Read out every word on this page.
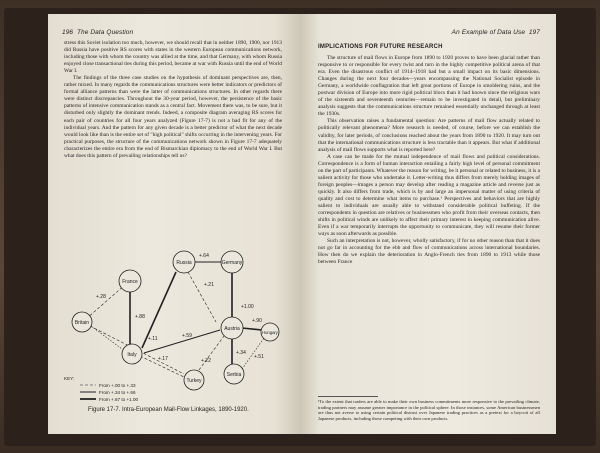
196 The Data Question

stress this Soviet isolation too much, however, we should recall that in neither 1890, 1900, nor 1913 did Russia have positive RS scores with states in the western European communications network, including those with whom the country was allied at the time, and that Germany, with whom Russia enjoyed close transactional ties during this period, became at war with Russia until the end of World War I.

The findings of the three case studies on the hypothesis of dominant perspectives are, then, rather mixed. In many regards the communications structures were better indicators or predictors of formal alliance patterns than were the latter of communications structures. In other regards there were distinct discrepancies. Throughout the 30-year period, however, the persistence of the basic patterns of intensive communication stands as a central fact. Movement there was, to be sure, but it disturbed only slightly the dominant trends. Indeed, a composite diagram averaging RS scores for each pair of countries for all four years analyzed (Figure 17-7) is not a bad fit for any of the individual years. And the pattern for any given decade is a better predictor of what the next decade would look like than is the entire set of "high political" shifts occurring in the intervening years. For practical purposes, the structure of the communications network shown in Figure 17-7 adequately characterizes the entire era from the end of Bismarckian diplomacy to the end of World War I. But what does this pattern of prevailing relationships tell us?

France
Britain
Italy
Turkey
Russia	Germany
Austria
Hungary
Serbia
+.28
+.88
+.11
+.17
+.64
+.21
+.59
+.22
+1.00
+.90
+.34
+.51
KEY:
From +.00 to +.33
From +.34 to +.66
From +.67 to +1.00
Figure 17-7. Intra-European Mail-Flow Linkages, 1890-1920.
An Example of Data Use 197
IMPLICATIONS FOR FUTURE RESEARCH

The structure of mail flows in Europe from 1890 to 1920 proves to have been glacial rather than responsive to or responsible for every twist and turn in the highly competitive political arena of that era. Even the disastrous conflict of 1914–1918 had but a small impact on its basic dimensions. Changes during the next four decades—years encompassing the National Socialist episode in Germany, a worldwide conflagration that left great portions of Europe in smoldering ruins, and the postwar division of Europe into more rigid political blocs than it had known since the religious wars of the sixteenth and seventeenth centuries—remain to be investigated in detail, but preliminary analysis suggests that the communications structure remained essentially unchanged through at least the 1930s.

This observation raises a fundamental question: Are patterns of mail flow actually related to politically relevant phenomena? More research is needed, of course, before we can establish the validity, for later periods, of conclusions reached about the years from 1890 to 1920. It may turn out that the international communications structure is less tractable than it appears. But what if additional analysis of mail flows supports what is reported here?

A case can be made for the mutual independence of mail flows and political considerations. Correspondence is a form of human interaction entailing a fairly high level of personal commitment on the part of participants. Whatever the reason for writing, be it personal or related to business, it is a salient activity for those who undertake it. Letter-writing thus differs from merely holding images of foreign peoples—images a person may develop after reading a magazine article and reverse just as quickly. It also differs from trade, which is by and large an impersonal matter of using criteria of quality and cost to determine what items to purchase.¹ Perspectives and behaviors that are highly salient to individuals are usually able to withstand considerable political buffeting. If the correspondents in question are relatives or businessmen who profit from their overseas contacts, then shifts in political winds are unlikely to affect their primary interest in keeping communication alive. Even if a war temporarily interrupts the opportunity to communicate, they will resume their former ways as soon afterwards as possible.

Such an interpretation is not, however, wholly satisfactory, if for no other reason than that it does not go far in accounting for the ebb and flow of communications across international boundaries. How then do we explain the deterioration in Anglo-French ties from 1890 to 1913 while those between France

¹To the extent that traders are able to make their own business commitments more responsive to the prevailing climate, trading partners may assume greater importance in the political sphere. In those instances, some American businessmen are thus not averse to using certain political distrust over Japanese trading practices as a pretext for a boycott of all Japanese products, including those competing with their own products.
